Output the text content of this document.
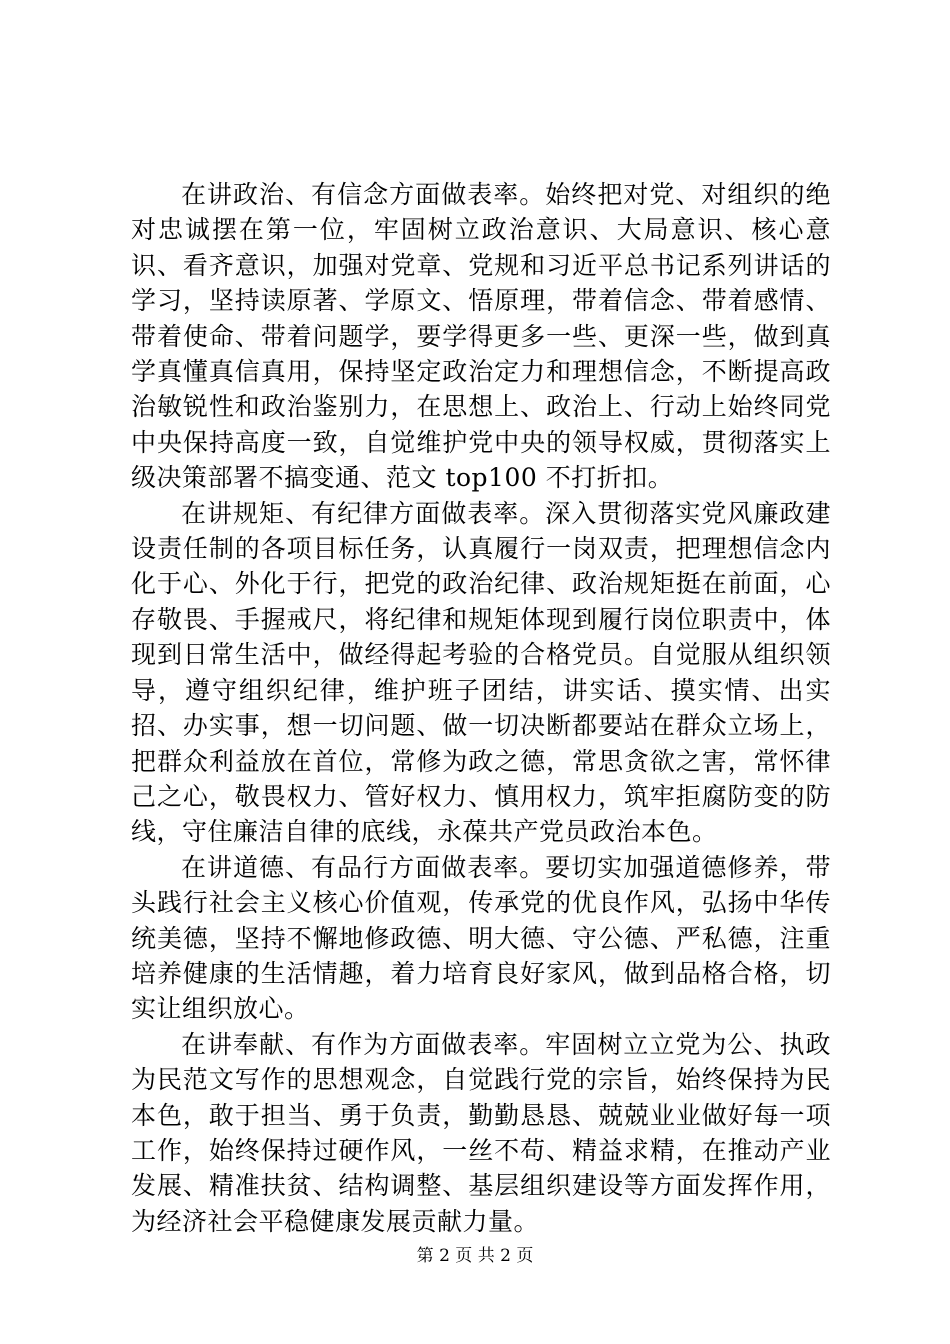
在讲政治、有信念方面做表率。始终把对党、对组织的绝对忠诚摆在第一位，牢固树立政治意识、大局意识、核心意识、看齐意识，加强对党章、党规和习近平总书记系列讲话的学习，坚持读原著、学原文、悟原理，带着信念、带着感情、带着使命、带着问题学，要学得更多一些、更深一些，做到真学真懂真信真用，保持坚定政治定力和理想信念，不断提高政治敏锐性和政治鉴别力，在思想上、政治上、行动上始终同党中央保持高度一致，自觉维护党中央的领导权威，贯彻落实上级决策部署不搞变通、范文 top100 不打折扣。

在讲规矩、有纪律方面做表率。深入贯彻落实党风廉政建设责任制的各项目标任务，认真履行一岗双责，把理想信念内化于心、外化于行，把党的政治纪律、政治规矩挺在前面，心存敬畏、手握戒尺，将纪律和规矩体现到履行岗位职责中，体现到日常生活中，做经得起考验的合格党员。自觉服从组织领导，遵守组织纪律，维护班子团结，讲实话、摸实情、出实招、办实事，想一切问题、做一切决断都要站在群众立场上，把群众利益放在首位，常修为政之德，常思贪欲之害，常怀律己之心，敬畏权力、管好权力、慎用权力，筑牢拒腐防变的防线，守住廉洁自律的底线，永葆共产党员政治本色。

在讲道德、有品行方面做表率。要切实加强道德修养，带头践行社会主义核心价值观，传承党的优良作风，弘扬中华传统美德，坚持不懈地修政德、明大德、守公德、严私德，注重培养健康的生活情趣，着力培育良好家风，做到品格合格，切实让组织放心。

在讲奉献、有作为方面做表率。牢固树立立党为公、执政为民范文写作的思想观念，自觉践行党的宗旨，始终保持为民本色，敢于担当、勇于负责，勤勤恳恳、兢兢业业做好每一项工作，始终保持过硬作风，一丝不苟、精益求精，在推动产业发展、精准扶贫、结构调整、基层组织建设等方面发挥作用，为经济社会平稳健康发展贡献力量。

第 2 页 共 2 页
